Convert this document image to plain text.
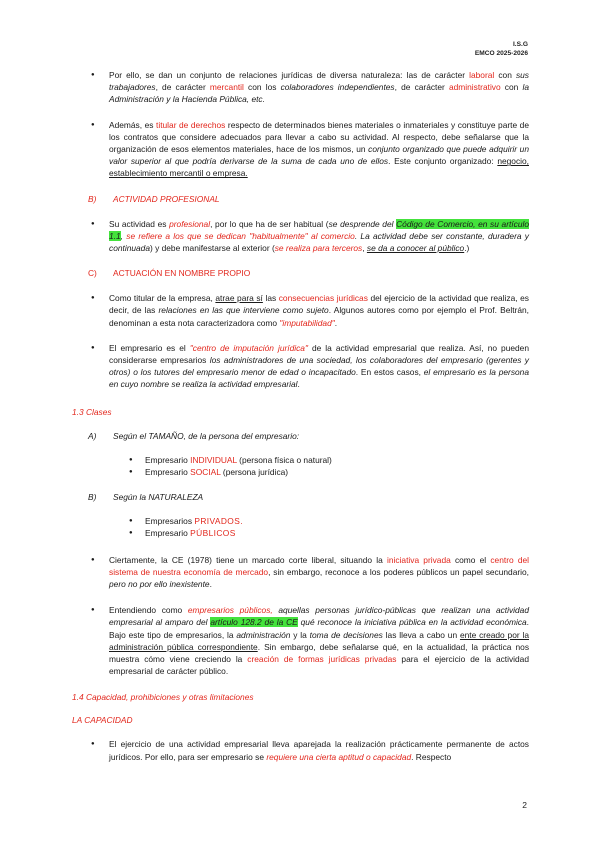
I.S.G
EMCO 2025-2026
● Por ello, se dan un conjunto de relaciones jurídicas de diversa naturaleza: las de carácter laboral con sus trabajadores, de carácter mercantil con los colaboradores independientes, de carácter administrativo con la Administración y la Hacienda Pública, etc.
● Además, es titular de derechos respecto de determinados bienes materiales o inmateriales y constituye parte de los contratos que considere adecuados para llevar a cabo su actividad. Al respecto, debe señalarse que la organización de esos elementos materiales, hace de los mismos, un conjunto organizado que puede adquirir un valor superior al que podría derivarse de la suma de cada uno de ellos. Este conjunto organizado: negocio, establecimiento mercantil o empresa.
B) ACTIVIDAD PROFESIONAL
● Su actividad es profesional, por lo que ha de ser habitual (se desprende del Código de Comercio, en su artículo 1.1, se refiere a los que se dedican "habitualmente" al comercio. La actividad debe ser constante, duradera y continuada) y debe manifestarse al exterior (se realiza para terceros, se da a conocer al público.)
C) ACTUACIÓN EN NOMBRE PROPIO
● Como titular de la empresa, atrae para sí las consecuencias jurídicas del ejercicio de la actividad que realiza, es decir, de las relaciones en las que interviene como sujeto. Algunos autores como por ejemplo el Prof. Beltrán, denominan a esta nota caracterizadora como "imputabilidad".
● El empresario es el "centro de imputación jurídica" de la actividad empresarial que realiza. Así, no pueden considerarse empresarios los administradores de una sociedad, los colaboradores del empresario (gerentes y otros) o los tutores del empresario menor de edad o incapacitado. En estos casos, el empresario es la persona en cuyo nombre se realiza la actividad empresarial.
1.3 Clases
A) Según el TAMAÑO, de la persona del empresario:
● Empresario INDIVIDUAL (persona física o natural)
● Empresario SOCIAL (persona jurídica)
B) Según la NATURALEZA
● Empresarios PRIVADOS.
● Empresario PÚBLICOS
● Ciertamente, la CE (1978) tiene un marcado corte liberal, situando la iniciativa privada como el centro del sistema de nuestra economía de mercado, sin embargo, reconoce a los poderes públicos un papel secundario, pero no por ello inexistente.
● Entendiendo como empresarios públicos, aquellas personas jurídico-públicas que realizan una actividad empresarial al amparo del artículo 128.2 de la CE qué reconoce la iniciativa pública en la actividad económica. Bajo este tipo de empresarios, la administración y la toma de decisiones las lleva a cabo un ente creado por la administración pública correspondiente. Sin embargo, debe señalarse qué, en la actualidad, la práctica nos muestra cómo viene creciendo la creación de formas jurídicas privadas para el ejercicio de la actividad empresarial de carácter público.
1.4 Capacidad, prohibiciones y otras limitaciones
LA CAPACIDAD
● El ejercicio de una actividad empresarial lleva aparejada la realización prácticamente permanente de actos jurídicos. Por ello, para ser empresario se requiere una cierta aptitud o capacidad. Respecto
2
